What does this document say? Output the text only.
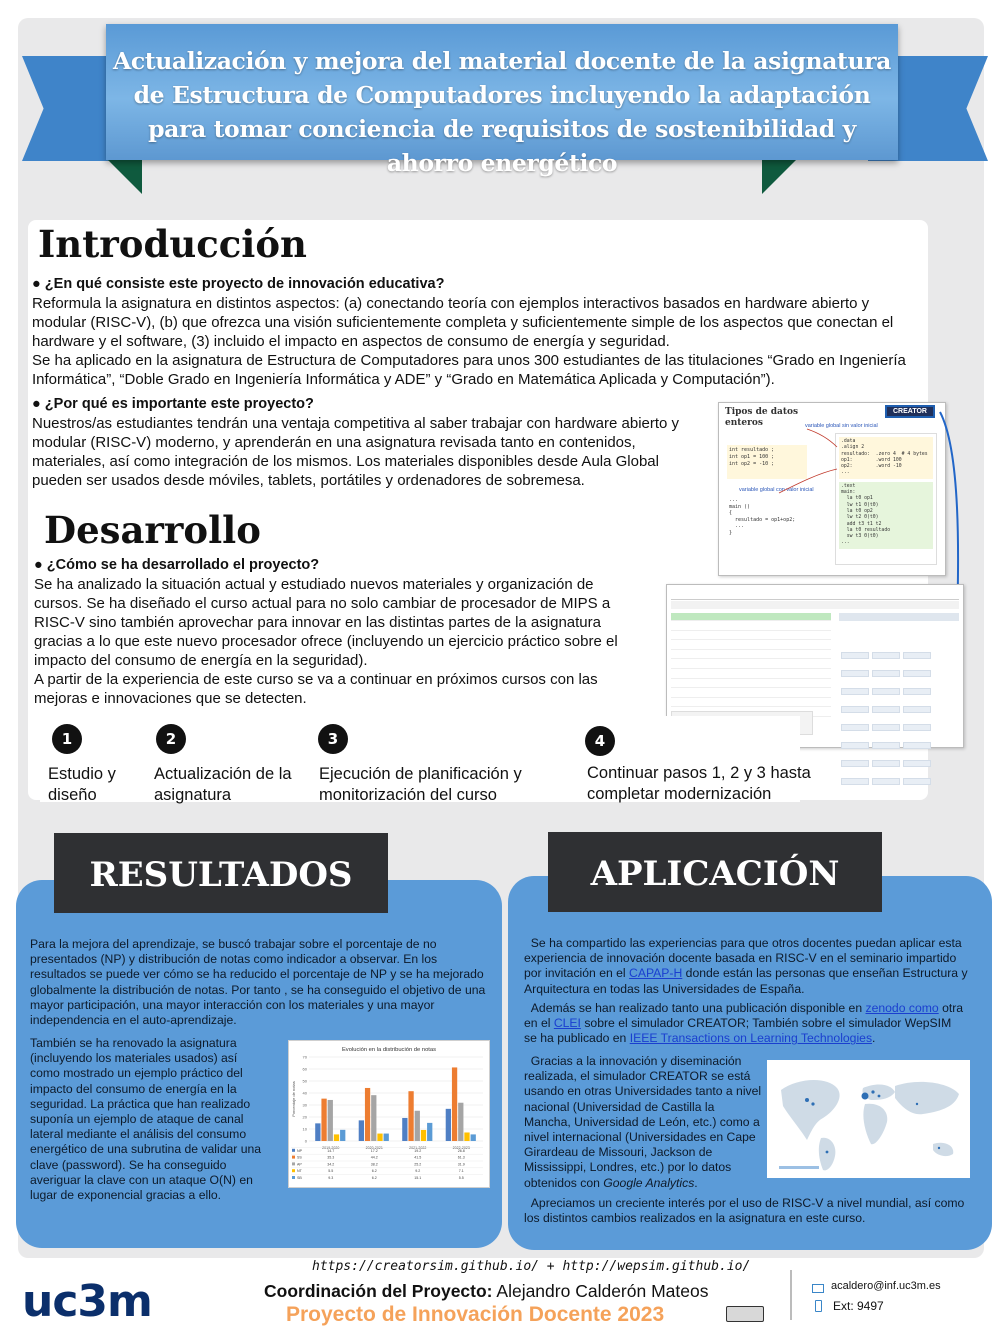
Actualización y mejora del material docente de la asignatura de Estructura de Computadores incluyendo la adaptación para tomar conciencia de requisitos de sostenibilidad y ahorro energético
Introducción
● ¿En qué consiste este proyecto de innovación educativa?
Reformula la asignatura en distintos aspectos: (a) conectando teoría con ejemplos interactivos basados en hardware abierto y modular (RISC-V), (b) que ofrezca una visión suficientemente completa y suficientemente simple de los aspectos que conectan el hardware y el software, (3) incluido el impacto en aspectos de consumo de energía y seguridad.
Se ha aplicado en la asignatura de Estructura de Computadores para unos 300 estudiantes de las titulaciones “Grado en Ingeniería Informática”, “Doble Grado en Ingeniería Informática y ADE” y “Grado en Matemática Aplicada y Computación”).
● ¿Por qué es importante este proyecto?
Nuestros/as estudiantes tendrán una ventaja competitiva al saber trabajar con hardware abierto y modular (RISC-V) moderno, y aprenderán en una asignatura revisada tanto en contenidos, materiales, así como integración de los mismos. Los materiales disponibles desde Aula Global pueden ser usados desde móviles, tablets, portátiles y ordenadores de sobremesa.
Tipos de datos enteros
CREATOR
variable global sin valor inicial
int resultado ;
int op1 = 100 ;
int op2 = -10 ;
variable global con valor inicial
...
main ()
{
resultado = op1+op2;
...
}
.data
.align 2
resultado:  .zero 4  # 4 bytes
op1:        .word 100
op2:        .word -10
...
.text
main:
la t0 op1
lw t1 0(t0)
la t0 op2
lw t2 0(t0)
add t3 t1 t2
la t0 resultado
sw t3 0(t0)
...
Desarrollo
● ¿Cómo se ha desarrollado el proyecto?
Se ha analizado la situación actual y estudiado nuevos materiales y organización de cursos. Se ha diseñado el curso actual para no solo cambiar de procesador de MIPS a RISC-V sino también aprovechar para innovar en las distintas partes de la asignatura gracias a lo que este nuevo procesador ofrece (incluyendo un ejercicio práctico sobre el impacto del consumo de energía en la seguridad).
A partir de la experiencia de este curso se va a continuar en próximos cursos con las mejoras e innovaciones que se detecten.
1
Estudio y diseño
2
Actualización de la asignatura
3
Ejecución de planificación y monitorización del curso
4
Continuar pasos 1, 2 y 3 hasta completar modernización
RESULTADOS
Para la mejora del aprendizaje, se buscó trabajar sobre el porcentaje de no presentados (NP) y distribución de notas como indicador a observar. En los resultados se puede ver cómo se ha reducido el porcentaje de NP y se ha mejorado globalmente la distribución de notas. Por tanto , se ha conseguido el objetivo de una mayor participación, una mayor interacción con los materiales y una mayor independencia en el auto-aprendizaje.
También se ha renovado la asignatura (incluyendo los materiales usados) así como mostrado un ejemplo práctico del impacto del consumo de energía en la seguridad. La práctica que han realizado suponía un ejemplo de ataque de canal lateral mediante el análisis del consumo energético de una subrutina de validar una clave (password). Se ha conseguido averiguar la clave con un ataque O(N) en lugar de exponencial gracias a ello.
Evolución en la distribución de notas
Porcentaje de notas
0
10
20
30
40
50
60
70
2019-2020	2020-2021	2021-2022	2022-2023
NP	14.7	17.2	19.2	26.8
SS	35.3	44.2	41.5	61.3
AP	34.2	38.2	25.2	31.9
NT	5.5	6.2	9.2	7.1
SB	9.3	6.2	15.1	5.5
APLICACIÓN
Se ha compartido las experiencias para que otros docentes puedan aplicar esta experiencia de innovación docente basada en RISC-V en el seminario impartido por invitación en el CAPAP-H donde están las personas que enseñan Estructura y Arquitectura en todas las Universidades de España.
Además se han realizado tanto una publicación disponible en zenodo como otra en el CLEI sobre el simulador CREATOR; También sobre el simulador WepSIM se ha publicado en IEEE Transactions on Learning Technologies.
Gracias a la innovación y diseminación realizada, el simulador CREATOR se está usando en otras Universidades tanto a nivel nacional (Universidad de Castilla la Mancha, Universidad de León, etc.) como a nivel internacional (Universidades en Cape Girardeau de Missouri, Jackson de Mississippi, Londres, etc.) por lo datos obtenidos con Google Analytics.
Apreciamos un creciente interés por el uso de RISC-V a nivel mundial, así como los distintos cambios realizados en la asignatura en este curso.
https://creatorsim.github.io/ + http://wepsim.github.io/
uc3m	Coordinación del Proyecto: Alejandro Calderón Mateos
Proyecto de Innovación Docente 2023
acaldero@inf.uc3m.es
Ext: 9497
